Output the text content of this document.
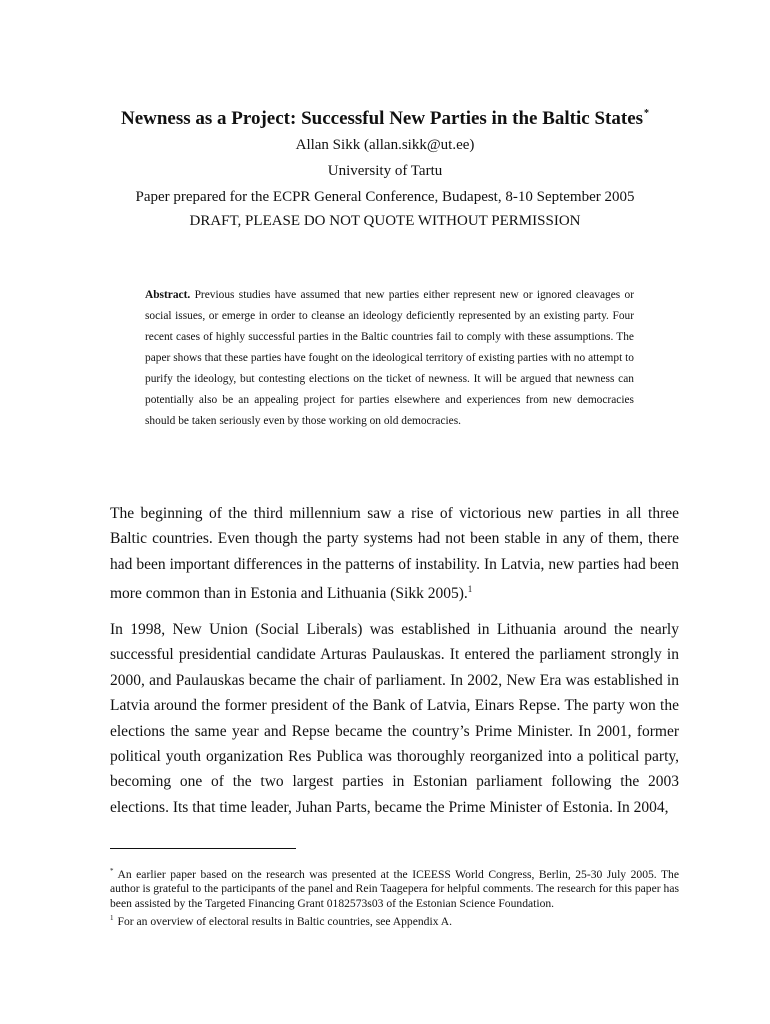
Newness as a Project: Successful New Parties in the Baltic States*
Allan Sikk (allan.sikk@ut.ee)
University of Tartu
Paper prepared for the ECPR General Conference, Budapest, 8-10 September 2005
DRAFT, PLEASE DO NOT QUOTE WITHOUT PERMISSION
Abstract. Previous studies have assumed that new parties either represent new or ignored cleavages or social issues, or emerge in order to cleanse an ideology deficiently represented by an existing party. Four recent cases of highly successful parties in the Baltic countries fail to comply with these assumptions. The paper shows that these parties have fought on the ideological territory of existing parties with no attempt to purify the ideology, but contesting elections on the ticket of newness. It will be argued that newness can potentially also be an appealing project for parties elsewhere and experiences from new democracies should be taken seriously even by those working on old democracies.

The beginning of the third millennium saw a rise of victorious new parties in all three Baltic countries. Even though the party systems had not been stable in any of them, there had been important differences in the patterns of instability. In Latvia, new parties had been more common than in Estonia and Lithuania (Sikk 2005).$^1$

In 1998, New Union (Social Liberals) was established in Lithuania around the nearly successful presidential candidate Arturas Paulauskas. It entered the parliament strongly in 2000, and Paulauskas became the chair of parliament. In 2002, New Era was established in Latvia around the former president of the Bank of Latvia, Einars Repse. The party won the elections the same year and Repse became the country’s Prime Minister. In 2001, former political youth organization Res Publica was thoroughly reorganized into a political party, becoming one of the two largest parties in Estonian parliament following the 2003 elections. Its that time leader, Juhan Parts, became the Prime Minister of Estonia. In 2004,

* An earlier paper based on the research was presented at the ICEESS World Congress, Berlin, 25-30 July 2005. The author is grateful to the participants of the panel and Rein Taagepera for helpful comments. The research for this paper has been assisted by the Targeted Financing Grant 0182573s03 of the Estonian Science Foundation.

$^1$ For an overview of electoral results in Baltic countries, see Appendix A.
